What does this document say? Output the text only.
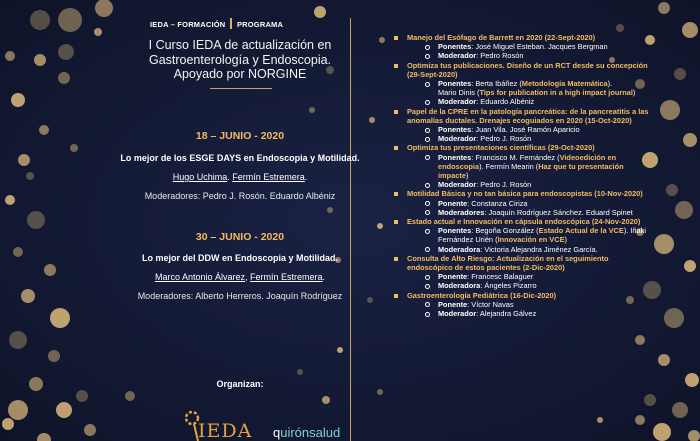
IEDA – FORMACIÓN PROGRAMA
I Curso IEDA de actualización en
Gastroenterología y Endoscopia.
Apoyado por NORGINE
18 – JUNIO - 2020
Lo mejor de los ESGE DAYS en Endoscopia y Motilidad.
Hugo Uchima. Fermín Estremera.
Moderadores: Pedro J. Rosón. Eduardo Albéniz
30 – JUNIO - 2020
Lo mejor del DDW en Endoscopia y Motilidad.
Marco Antonio Álvarez, Fermín Estremera.
Moderadores: Alberto Herreros. Joaquín Rodríguez
Organizan:
IEDA quirónsalud
Manejo del Esófago de Barrett en 2020 (22-Sept-2020)
Ponentes: José Miguel Esteban. Jacques Bergman
Moderador: Pedro Rosón
Optimiza tus publicaciones. Diseño de un RCT desde su concepción (29-Sept-2020)
Ponentes: Berta Ibáñez (Metodología Matemática).
Mario Dinis (Tips for publication in a high impact journal)
Moderador: Eduardo Albéniz
Papel de la CPRE en la patología pancreática: de la pancreatitis a las anomalías ductales. Drenajes ecoguiados en 2020 (15-Oct-2020)
Ponentes: Juan Vila. José Ramón Aparicio
Moderador: Pedro J. Rosón
Optimiza tus presentaciones científicas (29-Oct-2020)
Ponentes: Francisco M. Fernández (Videoedición en endoscopia). Fermín Mearin (Haz que tu presentación impacte)
Moderador: Pedro J. Rosón
Motilidad Básica y no tan básica para endoscopistas (10-Nov-2020)
Ponente: Constanza Ciriza
Moderadores: Joaquín Rodríguez Sánchez. Eduard Spinet
Estado actual e Innovación en cápsula endoscópica (24-Nov-2020)
Ponentes: Begoña González (Estado Actual de la VCE). Iñaki Fernández Urién (Innovación en VCE)
Moderadora: Victoria Alejandra Jiménez García.
Consulta de Alto Riesgo: Actualización en el seguimiento endoscópico de estos pacientes (2-Dic-2020)
Ponente: Francesc Balaguer
Moderadora: Ángeles Pizarro
Gastroenterología Pediátrica (16-Dic-2020)
Ponente: Víctor Navas
Moderador: Alejandra Gálvez
